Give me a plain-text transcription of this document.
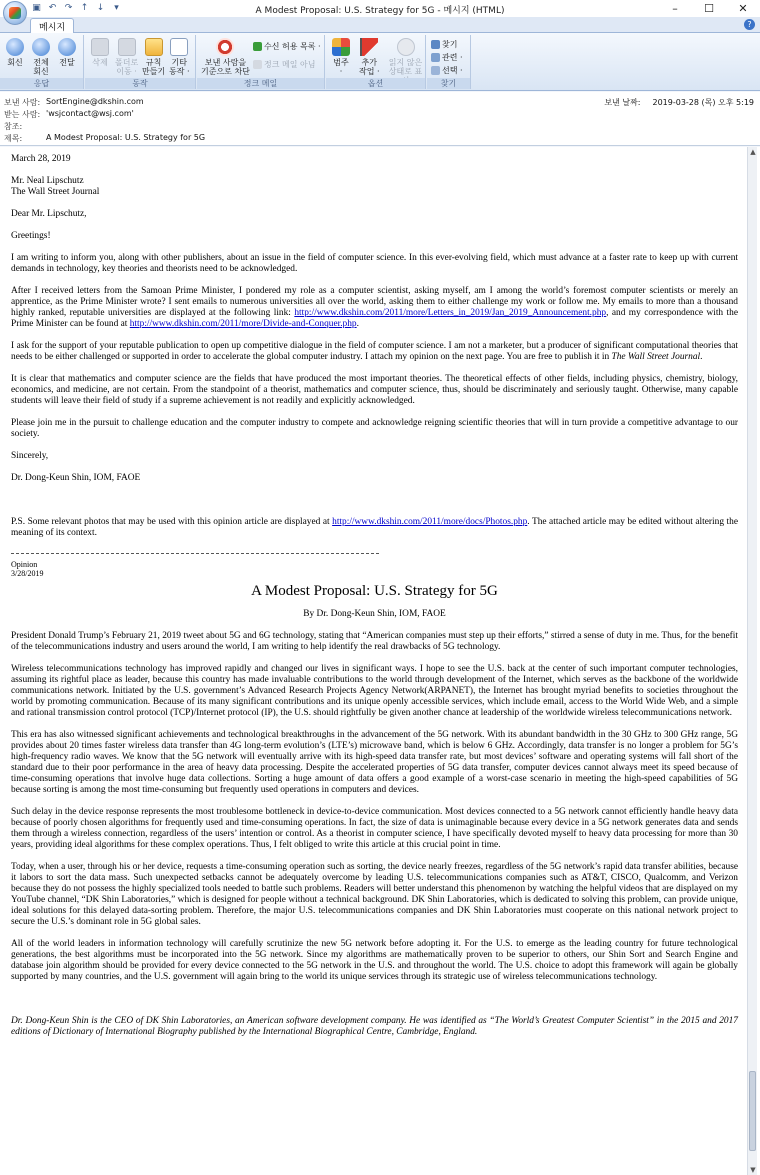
▣ ↶ ↷ ↑ ↓	▾	A Modest Proposal: U.S. Strategy for 5G - 메시지 (HTML)	–	☐	✕
메시지	?
회신 전체
회신
전달
응답
삭제 폴더로
이동 ·
규칙
만들기
기타
동작 ·
동작
보낸 사람을
기준으로 차단
수신 허용 목록 ·
정크 메일 아님
정크 메일
범주
·
추가
작업 ·
읽지 않은
상태로 표
옵션
찾기
관련 ·
선택 ·
찾기
보낸 사람: SortEngine@dkshin.com
받는 사람: 'wsjcontact@wsj.com'
참조:
제목:	A Modest Proposal: U.S. Strategy for 5G
보낸 날짜: 2019-03-28 (목) 오후 5:19

March 28, 2019

Mr. Neal Lipschutz

The Wall Street Journal

Dear Mr. Lipschutz,

Greetings!

I am writing to inform you, along with other publishers, about an issue in the field of computer science. In this ever-evolving field, which must advance at a faster rate to keep up with current demands in technology, key theories and theorists need to be acknowledged.

After I received letters from the Samoan Prime Minister, I pondered my role as a computer scientist, asking myself, am I among the world’s foremost computer scientists or merely an apprentice, as the Prime Minister wrote? I sent emails to numerous universities all over the world, asking them to either challenge my work or follow me. My emails to more than a thousand highly ranked, reputable universities are displayed at the following link: http://www.dkshin.com/2011/more/Letters_in_2019/Jan_2019_Announcement.php, and my correspondence with the Prime Minister can be found at http://www.dkshin.com/2011/more/Divide-and-Conquer.php.

I ask for the support of your reputable publication to open up competitive dialogue in the field of computer science. I am not a marketer, but a producer of significant computational theories that needs to be either challenged or supported in order to accelerate the global computer industry. I attach my opinion on the next page. You are free to publish it in The Wall Street Journal.

It is clear that mathematics and computer science are the fields that have produced the most important theories. The theoretical effects of other fields, including physics, chemistry, biology, economics, and medicine, are not certain. From the standpoint of a theorist, mathematics and computer science, thus, should be discriminately and seriously taught. Otherwise, many capable students will leave their field of study if a supreme achievement is not readily and explicitly acknowledged.

Please join me in the pursuit to challenge education and the computer industry to compete and acknowledge reigning scientific theories that will in turn provide a competitive advantage to our society.

Sincerely,

Dr. Dong-Keun Shin, IOM, FAOE

P.S. Some relevant photos that may be used with this opinion article are displayed at http://www.dkshin.com/2011/more/docs/Photos.php. The attached article may be edited without altering the meaning of its context.

Opinion
3/28/2019
A Modest Proposal: U.S. Strategy for 5G
By Dr. Dong-Keun Shin, IOM, FAOE

President Donald Trump’s February 21, 2019 tweet about 5G and 6G technology, stating that “American companies must step up their efforts,” stirred a sense of duty in me. Thus, for the benefit of the telecommunications industry and users around the world, I am writing to help identify the real drawbacks of 5G technology.

Wireless telecommunications technology has improved rapidly and changed our lives in significant ways. I hope to see the U.S. back at the center of such important computer technologies, assuming its rightful place as leader, because this country has made invaluable contributions to the world through development of the Internet, which serves as the backbone of the worldwide communications network. Initiated by the U.S. government’s Advanced Research Projects Agency Network(ARPANET), the Internet has brought myriad benefits to societies throughout the world by promoting communication. Because of its many significant contributions and its unique openly accessible services, which include email, access to the World Wide Web, and a simple and rational transmission control protocol (TCP)/Internet protocol (IP), the U.S. should rightfully be given another chance at leadership of the worldwide wireless telecommunications network.

This era has also witnessed significant achievements and technological breakthroughs in the advancement of the 5G network. With its abundant bandwidth in the 30 GHz to 300 GHz range, 5G provides about 20 times faster wireless data transfer than 4G long-term evolution’s (LTE’s) microwave band, which is below 6 GHz. Accordingly, data transfer is no longer a problem for 5G’s high-frequency radio waves. We know that the 5G network will eventually arrive with its high-speed data transfer rate, but most devices’ software and operating systems will fall short of the standard due to their poor performance in the area of heavy data processing. Despite the accelerated properties of 5G data transfer, computer devices cannot always meet its speed because of time-consuming operations that involve huge data collections. Sorting a huge amount of data offers a good example of a worst-case scenario in meeting the high-speed capabilities of 5G because sorting is among the most time-consuming but frequently used operations in computers and devices.

Such delay in the device response represents the most troublesome bottleneck in device-to-device communication. Most devices connected to a 5G network cannot efficiently handle heavy data because of poorly chosen algorithms for frequently used and time-consuming operations. In fact, the size of data is unimaginable because every device in a 5G network generates data and sends them through a wireless connection, regardless of the users’ intention or control. As a theorist in computer science, I have specifically devoted myself to heavy data processing for more than 30 years, providing ideal algorithms for these complex operations. Thus, I felt obliged to write this article at this crucial point in time.

Today, when a user, through his or her device, requests a time-consuming operation such as sorting, the device nearly freezes, regardless of the 5G network’s rapid data transfer abilities, because it labors to sort the data mass. Such unexpected setbacks cannot be adequately overcome by leading U.S. telecommunications companies such as AT&T, CISCO, Qualcomm, and Verizon because they do not possess the highly specialized tools needed to battle such problems. Readers will better understand this phenomenon by watching the helpful videos that are displayed on my YouTube channel, “DK Shin Laboratories,” which is designed for people without a technical background. DK Shin Laboratories, which is dedicated to solving this problem, can provide unique, ideal solutions for this delayed data-sorting problem. Therefore, the major U.S. telecommunications companies and DK Shin Laboratories must cooperate on this national network project to secure the U.S.’s dominant role in 5G global sales.

All of the world leaders in information technology will carefully scrutinize the new 5G network before adopting it. For the U.S. to emerge as the leading country for future technological generations, the best algorithms must be incorporated into the 5G network. Since my algorithms are mathematically proven to be superior to others, our Shin Sort and Search Engine and database join algorithm should be provided for every device connected to the 5G network in the U.S. and throughout the world. The U.S. choice to adopt this framework will again be globally supported by many countries, and the U.S. government will again bring to the world its unique services through its strategic use of wireless telecommunications technology.

Dr. Dong-Keun Shin is the CEO of DK Shin Laboratories, an American software development company. He was identified as “The World’s Greatest Computer Scientist” in the 2015 and 2017 editions of Dictionary of International Biography published by the International Biographical Centre, Cambridge, England.

▲
▼
